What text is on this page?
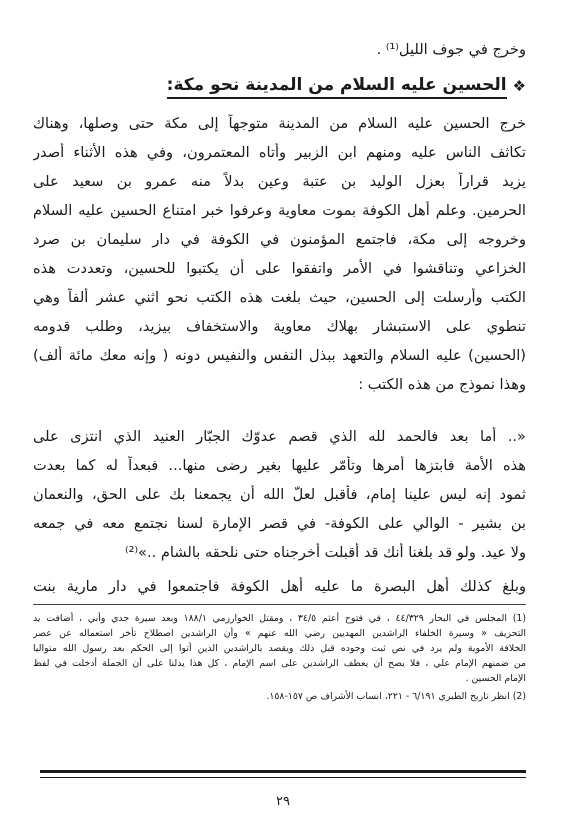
وخرج في جوف الليل⁽¹⁾ .
❖
الحسين عليه السلام من المدينة نحو مكة:
خرج الحسين عليه السلام من المدينة متوجهاً إلى مكة حتى وصلها، وهناك
تكاثف الناس عليه ومنهم ابن الزبير وأتاه المعتمرون، وفي هذه الأثناء أصدر
يزيد قراراً بعزل الوليد بن عتبة وعين بدلاً منه عمرو بن سعيد على
الحرمين. وعلم أهل الكوفة بموت معاوية وعرفوا خبر امتناع الحسين عليه السلام
وخروجه إلى مكة، فاجتمع المؤمنون في الكوفة في دار سليمان بن صرد
الخزاعي وتناقشوا في الأمر واتفقوا على أن يكتبوا للحسين، وتعددت هذه
الكتب وأرسلت إلى الحسين، حيث بلغت هذه الكتب نحو اثني عشر ألفاً وهي
تنطوي على الاستبشار بهلاك معاوية والاستخفاف بيزيد، وطلب قدومه
(الحسين) عليه السلام والتعهد ببذل النفس والنفيس دونه ( وإنه معك مائة ألف)
وهذا نموذج من هذه الكتب :
«.. أما بعد فالحمد لله الذي قصم عدوّك الجبّار العنيد الذي انتزى على
هذه الأمة فابتزها أمرها وتأمّر عليها بغير رضى منها... فبعداً له كما بعدت
ثمود إنه ليس علينا إمام، فأقبل لعلّ الله أن يجمعنا بك على الحق، والنعمان
بن بشير - الوالي على الكوفة- في قصر الإمارة لسنا نجتمع معه في جمعه
ولا عيد. ولو قد بلغنا أنك قد أقبلت أخرجناه حتى نلحقه بالشام ..»⁽²⁾
وبلغ كذلك أهل البصرة ما عليه أهل الكوفة فاجتمعوا في دار مارية بنت
(1) المجلس في البحار ٤٤/٣٢٩ ، في فتوح أعثم ٣٤/٥ ، ومقتل الخوارزمي ١٨٨/١ وبعد سيرة جدي وأبي ، أضافت يد
التحريف « وسيرة الخلفاء الراشدين المهديين رضي الله عنهم » وأن الراشدين اصطلاح تأخر استعماله عن عصر
الخلافة الأموية ولم يرد في نص ثبت وجوده قبل ذلك ويقصد بالراشدين الذين أتوا إلى الحكم بعد رسول الله متواليا
من ضمنهم الإمام علي ، فلا يصح أن يعطف الراشدين على اسم الإمام ، كل هذا يدلنا على أن الجملة أدخلت في لفظ
الإمام الحسين .
(2) انظر تاريخ الطبري ٦/١٩١ - ٢٢١، انساب الأشراف ص ١٥٧-١٥٨.
٢٩
